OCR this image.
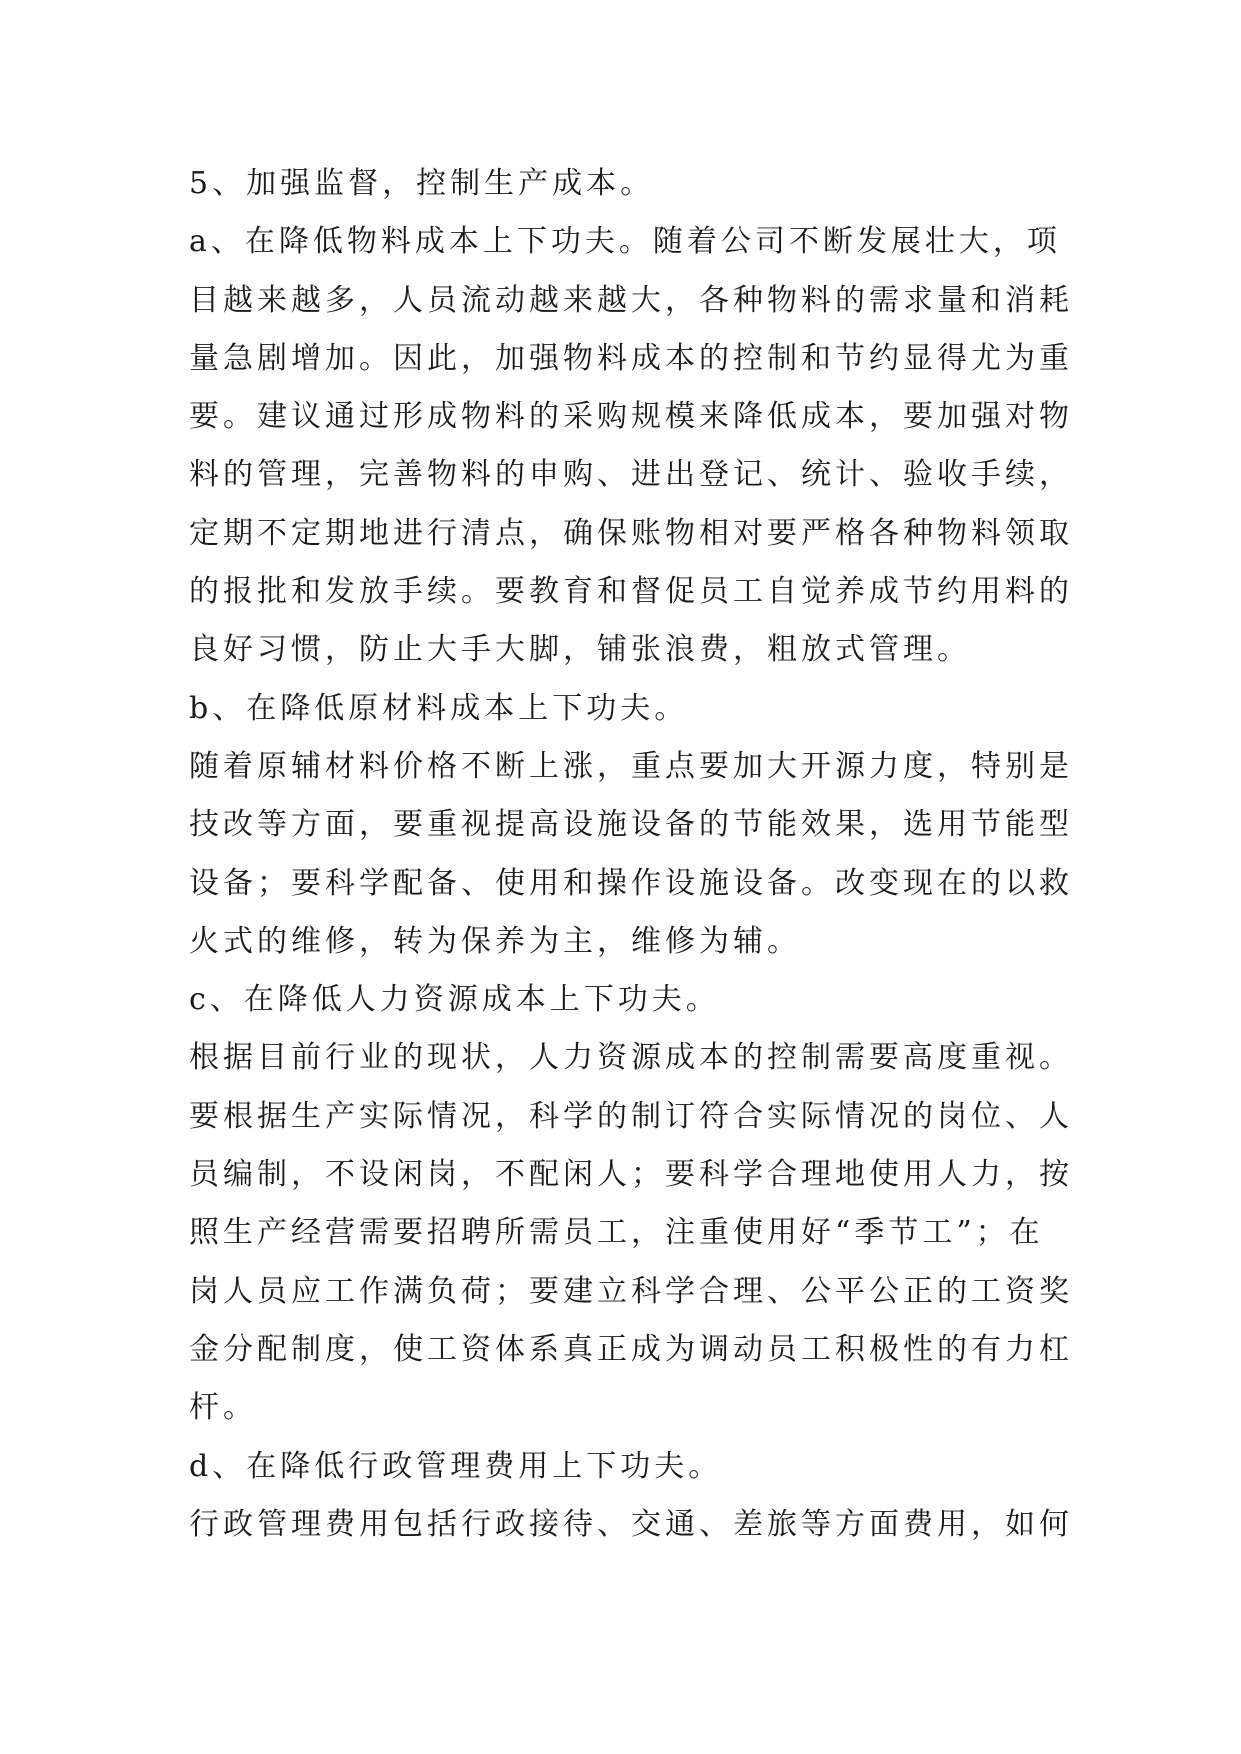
5、加强监督，控制生产成本。
a、在降低物料成本上下功夫。随着公司不断发展壮大，项
目越来越多，人员流动越来越大，各种物料的需求量和消耗
量急剧增加。因此，加强物料成本的控制和节约显得尤为重
要。建议通过形成物料的采购规模来降低成本，要加强对物
料的管理，完善物料的申购、进出登记、统计、验收手续，
定期不定期地进行清点，确保账物相对要严格各种物料领取
的报批和发放手续。要教育和督促员工自觉养成节约用料的
良好习惯，防止大手大脚，铺张浪费，粗放式管理。
b、在降低原材料成本上下功夫。
随着原辅材料价格不断上涨，重点要加大开源力度，特别是
技改等方面，要重视提高设施设备的节能效果，选用节能型
设备；要科学配备、使用和操作设施设备。改变现在的以救
火式的维修，转为保养为主，维修为辅。
c、在降低人力资源成本上下功夫。
根据目前行业的现状，人力资源成本的控制需要高度重视。
要根据生产实际情况，科学的制订符合实际情况的岗位、人
员编制，不设闲岗，不配闲人；要科学合理地使用人力，按
照生产经营需要招聘所需员工，注重使用好“季节工”；在
岗人员应工作满负荷；要建立科学合理、公平公正的工资奖
金分配制度，使工资体系真正成为调动员工积极性的有力杠
杆。
d、在降低行政管理费用上下功夫。
行政管理费用包括行政接待、交通、差旅等方面费用，如何
